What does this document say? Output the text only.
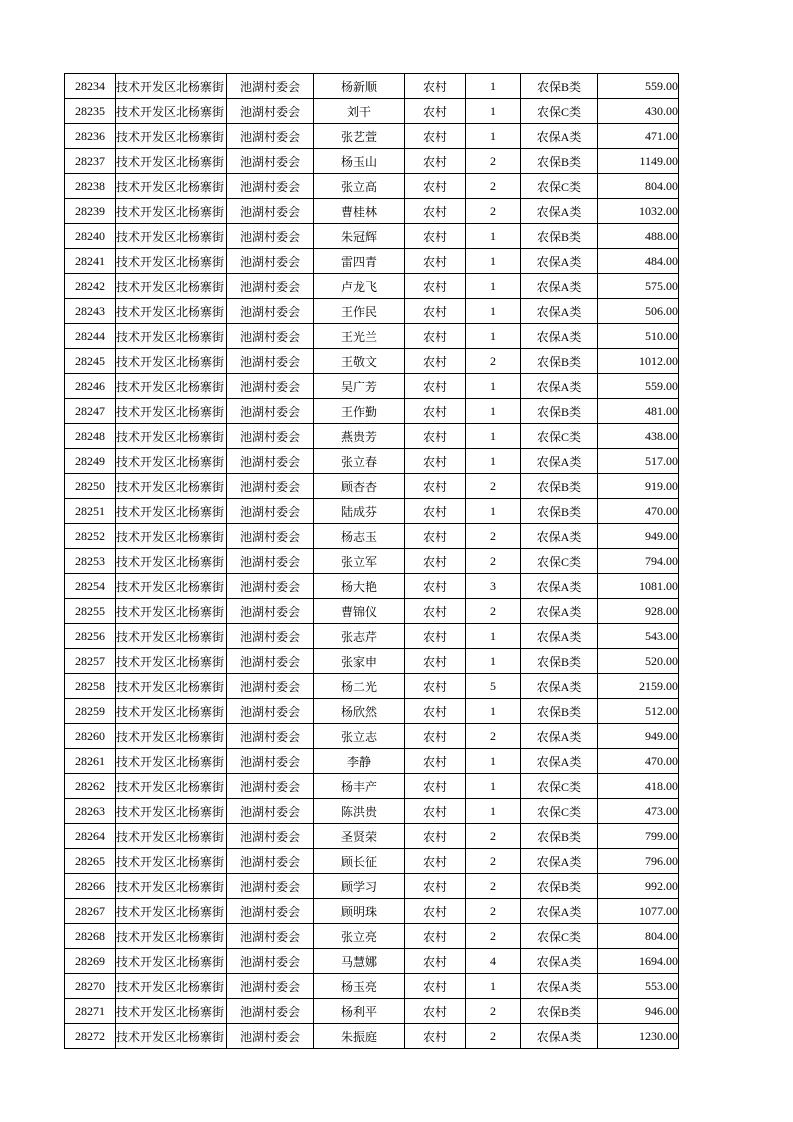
28234	技术开发区北杨寨街	池湖村委会	杨新顺	农村	1	农保B类	559.00
28235	技术开发区北杨寨街	池湖村委会	刘干	农村	1	农保C类	430.00
28236	技术开发区北杨寨街	池湖村委会	张艺萱	农村	1	农保A类	471.00
28237	技术开发区北杨寨街	池湖村委会	杨玉山	农村	2	农保B类	1149.00
28238	技术开发区北杨寨街	池湖村委会	张立高	农村	2	农保C类	804.00
28239	技术开发区北杨寨街	池湖村委会	曹桂林	农村	2	农保A类	1032.00
28240	技术开发区北杨寨街	池湖村委会	朱冠辉	农村	1	农保B类	488.00
28241	技术开发区北杨寨街	池湖村委会	雷四青	农村	1	农保A类	484.00
28242	技术开发区北杨寨街	池湖村委会	卢龙飞	农村	1	农保A类	575.00
28243	技术开发区北杨寨街	池湖村委会	王作民	农村	1	农保A类	506.00
28244	技术开发区北杨寨街	池湖村委会	王光兰	农村	1	农保A类	510.00
28245	技术开发区北杨寨街	池湖村委会	王敬文	农村	2	农保B类	1012.00
28246	技术开发区北杨寨街	池湖村委会	吴广芳	农村	1	农保A类	559.00
28247	技术开发区北杨寨街	池湖村委会	王作勤	农村	1	农保B类	481.00
28248	技术开发区北杨寨街	池湖村委会	燕贵芳	农村	1	农保C类	438.00
28249	技术开发区北杨寨街	池湖村委会	张立春	农村	1	农保A类	517.00
28250	技术开发区北杨寨街	池湖村委会	顾杏杏	农村	2	农保B类	919.00
28251	技术开发区北杨寨街	池湖村委会	陆成芬	农村	1	农保B类	470.00
28252	技术开发区北杨寨街	池湖村委会	杨志玉	农村	2	农保A类	949.00
28253	技术开发区北杨寨街	池湖村委会	张立军	农村	2	农保C类	794.00
28254	技术开发区北杨寨街	池湖村委会	杨大艳	农村	3	农保A类	1081.00
28255	技术开发区北杨寨街	池湖村委会	曹锦仪	农村	2	农保A类	928.00
28256	技术开发区北杨寨街	池湖村委会	张志芹	农村	1	农保A类	543.00
28257	技术开发区北杨寨街	池湖村委会	张家申	农村	1	农保B类	520.00
28258	技术开发区北杨寨街	池湖村委会	杨二光	农村	5	农保A类	2159.00
28259	技术开发区北杨寨街	池湖村委会	杨欣然	农村	1	农保B类	512.00
28260	技术开发区北杨寨街	池湖村委会	张立志	农村	2	农保A类	949.00
28261	技术开发区北杨寨街	池湖村委会	李静	农村	1	农保A类	470.00
28262	技术开发区北杨寨街	池湖村委会	杨丰产	农村	1	农保C类	418.00
28263	技术开发区北杨寨街	池湖村委会	陈洪贵	农村	1	农保C类	473.00
28264	技术开发区北杨寨街	池湖村委会	圣贤荣	农村	2	农保B类	799.00
28265	技术开发区北杨寨街	池湖村委会	顾长征	农村	2	农保A类	796.00
28266	技术开发区北杨寨街	池湖村委会	顾学习	农村	2	农保B类	992.00
28267	技术开发区北杨寨街	池湖村委会	顾明珠	农村	2	农保A类	1077.00
28268	技术开发区北杨寨街	池湖村委会	张立亮	农村	2	农保C类	804.00
28269	技术开发区北杨寨街	池湖村委会	马慧娜	农村	4	农保A类	1694.00
28270	技术开发区北杨寨街	池湖村委会	杨玉亮	农村	1	农保A类	553.00
28271	技术开发区北杨寨街	池湖村委会	杨利平	农村	2	农保B类	946.00
28272	技术开发区北杨寨街	池湖村委会	朱振庭	农村	2	农保A类	1230.00
